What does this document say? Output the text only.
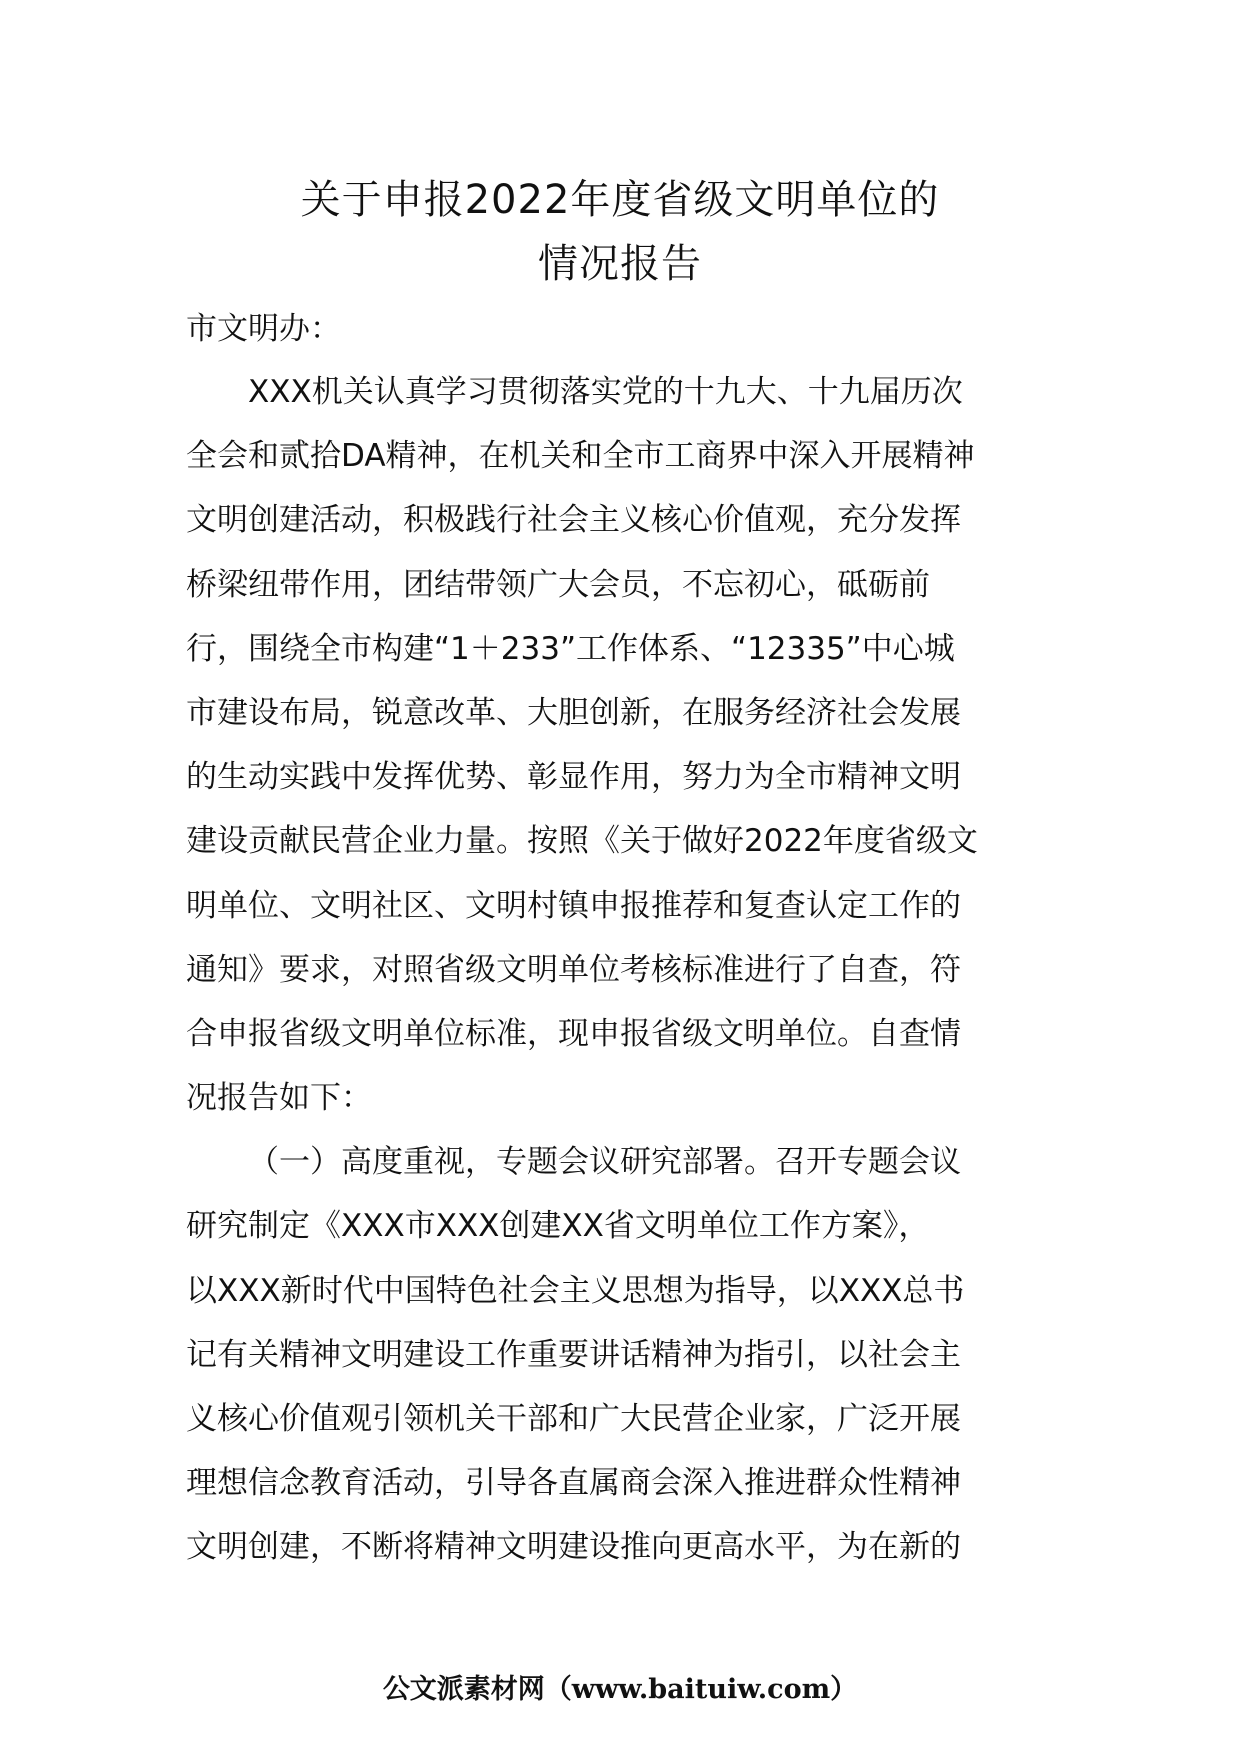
关于申报2022年度省级文明单位的
情况报告
市文明办：
XXX机关认真学习贯彻落实党的十九大、十九届历次
全会和贰拾DA精神，在机关和全市工商界中深入开展精神
文明创建活动，积极践行社会主义核心价值观，充分发挥
桥梁纽带作用，团结带领广大会员，不忘初心，砥砺前
行，围绕全市构建“1＋233”工作体系、“12335”中心城
市建设布局，锐意改革、大胆创新，在服务经济社会发展
的生动实践中发挥优势、彰显作用，努力为全市精神文明
建设贡献民营企业力量。按照《关于做好2022年度省级文
明单位、文明社区、文明村镇申报推荐和复查认定工作的
通知》要求，对照省级文明单位考核标准进行了自查，符
合申报省级文明单位标准，现申报省级文明单位。自查情
况报告如下：
（一）高度重视，专题会议研究部署。召开专题会议
研究制定《XXX市XXX创建XX省文明单位工作方案》，
以XXX新时代中国特色社会主义思想为指导，以XXX总书
记有关精神文明建设工作重要讲话精神为指引，以社会主
义核心价值观引领机关干部和广大民营企业家，广泛开展
理想信念教育活动，引导各直属商会深入推进群众性精神
文明创建，不断将精神文明建设推向更高水平，为在新的
公文派素材网（www.baituiw.com）
